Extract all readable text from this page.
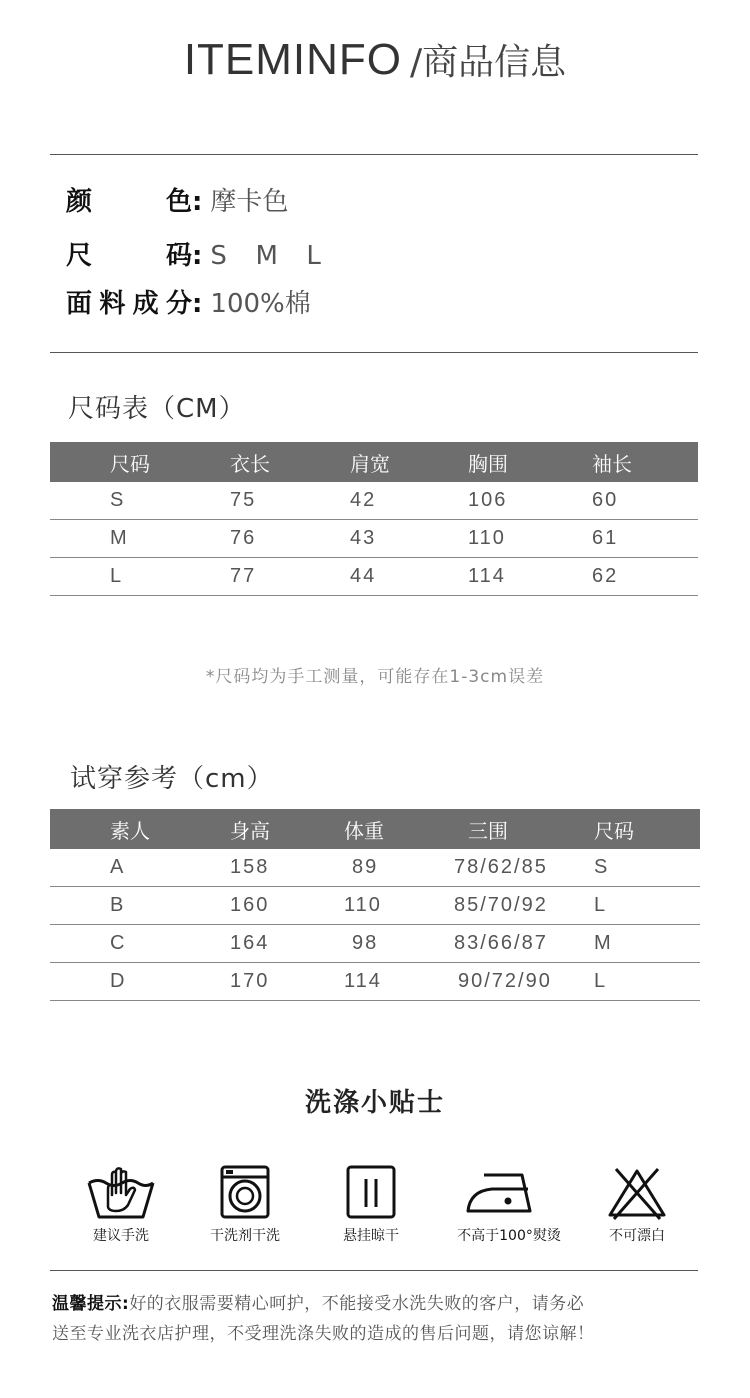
ITEMINFO /商品信息
颜　　色: 摩卡色
尺　　码: S  M  L
面料成分: 100%棉
尺码表（CM）
	尺码	衣长	肩宽	胸围	袖长
	S	75	42	106	60
	M	76	43	110	61
	L	77	44	114	62
*尺码均为手工测量，可能存在1-3cm误差
试穿参考（cm）
	素人	身高	体重	三围	尺码
	A	158	89	78/62/85	S
	B	160	110	85/70/92	L
	C	164	98	83/66/87	M
	D	170	114	90/72/90	L
洗涤小贴士
建议手洗	干洗剂干洗	悬挂晾干	不高于100°熨烫	不可漂白
温馨提示:好的衣服需要精心呵护，不能接受水洗失败的客户，请务必
送至专业洗衣店护理，不受理洗涤失败的造成的售后问题，请您谅解！
